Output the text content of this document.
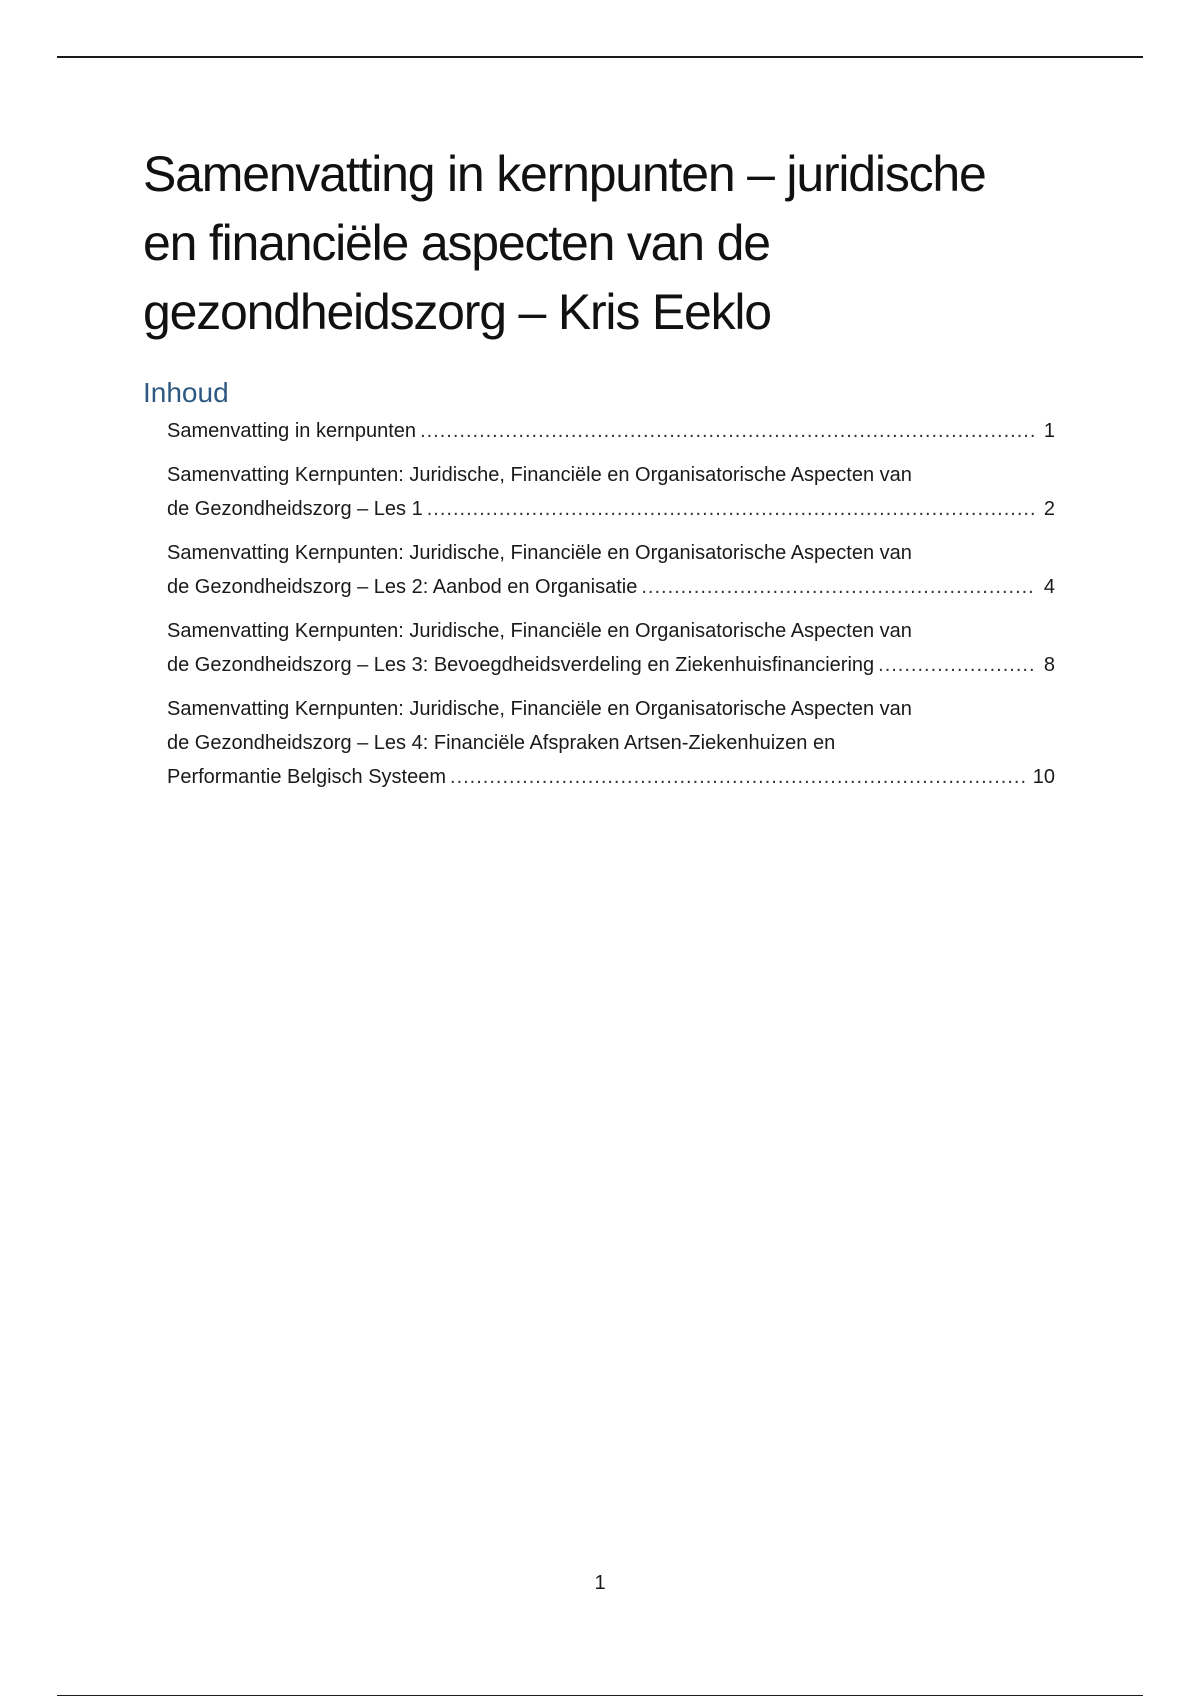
Samenvatting in kernpunten – juridische
en financiële aspecten van de
gezondheidszorg – Kris Eeklo
Inhoud
Samenvatting in kernpunten .....	1
Samenvatting Kernpunten: Juridische, Financiële en Organisatorische Aspecten van
de Gezondheidszorg – Les 1 .....	2
Samenvatting Kernpunten: Juridische, Financiële en Organisatorische Aspecten van
de Gezondheidszorg – Les 2: Aanbod en Organisatie .....	4
Samenvatting Kernpunten: Juridische, Financiële en Organisatorische Aspecten van
de Gezondheidszorg – Les 3: Bevoegdheidsverdeling en Ziekenhuisfinanciering .....	8
Samenvatting Kernpunten: Juridische, Financiële en Organisatorische Aspecten van
de Gezondheidszorg – Les 4: Financiële Afspraken Artsen-Ziekenhuizen en
Performantie Belgisch Systeem .....	10
1
